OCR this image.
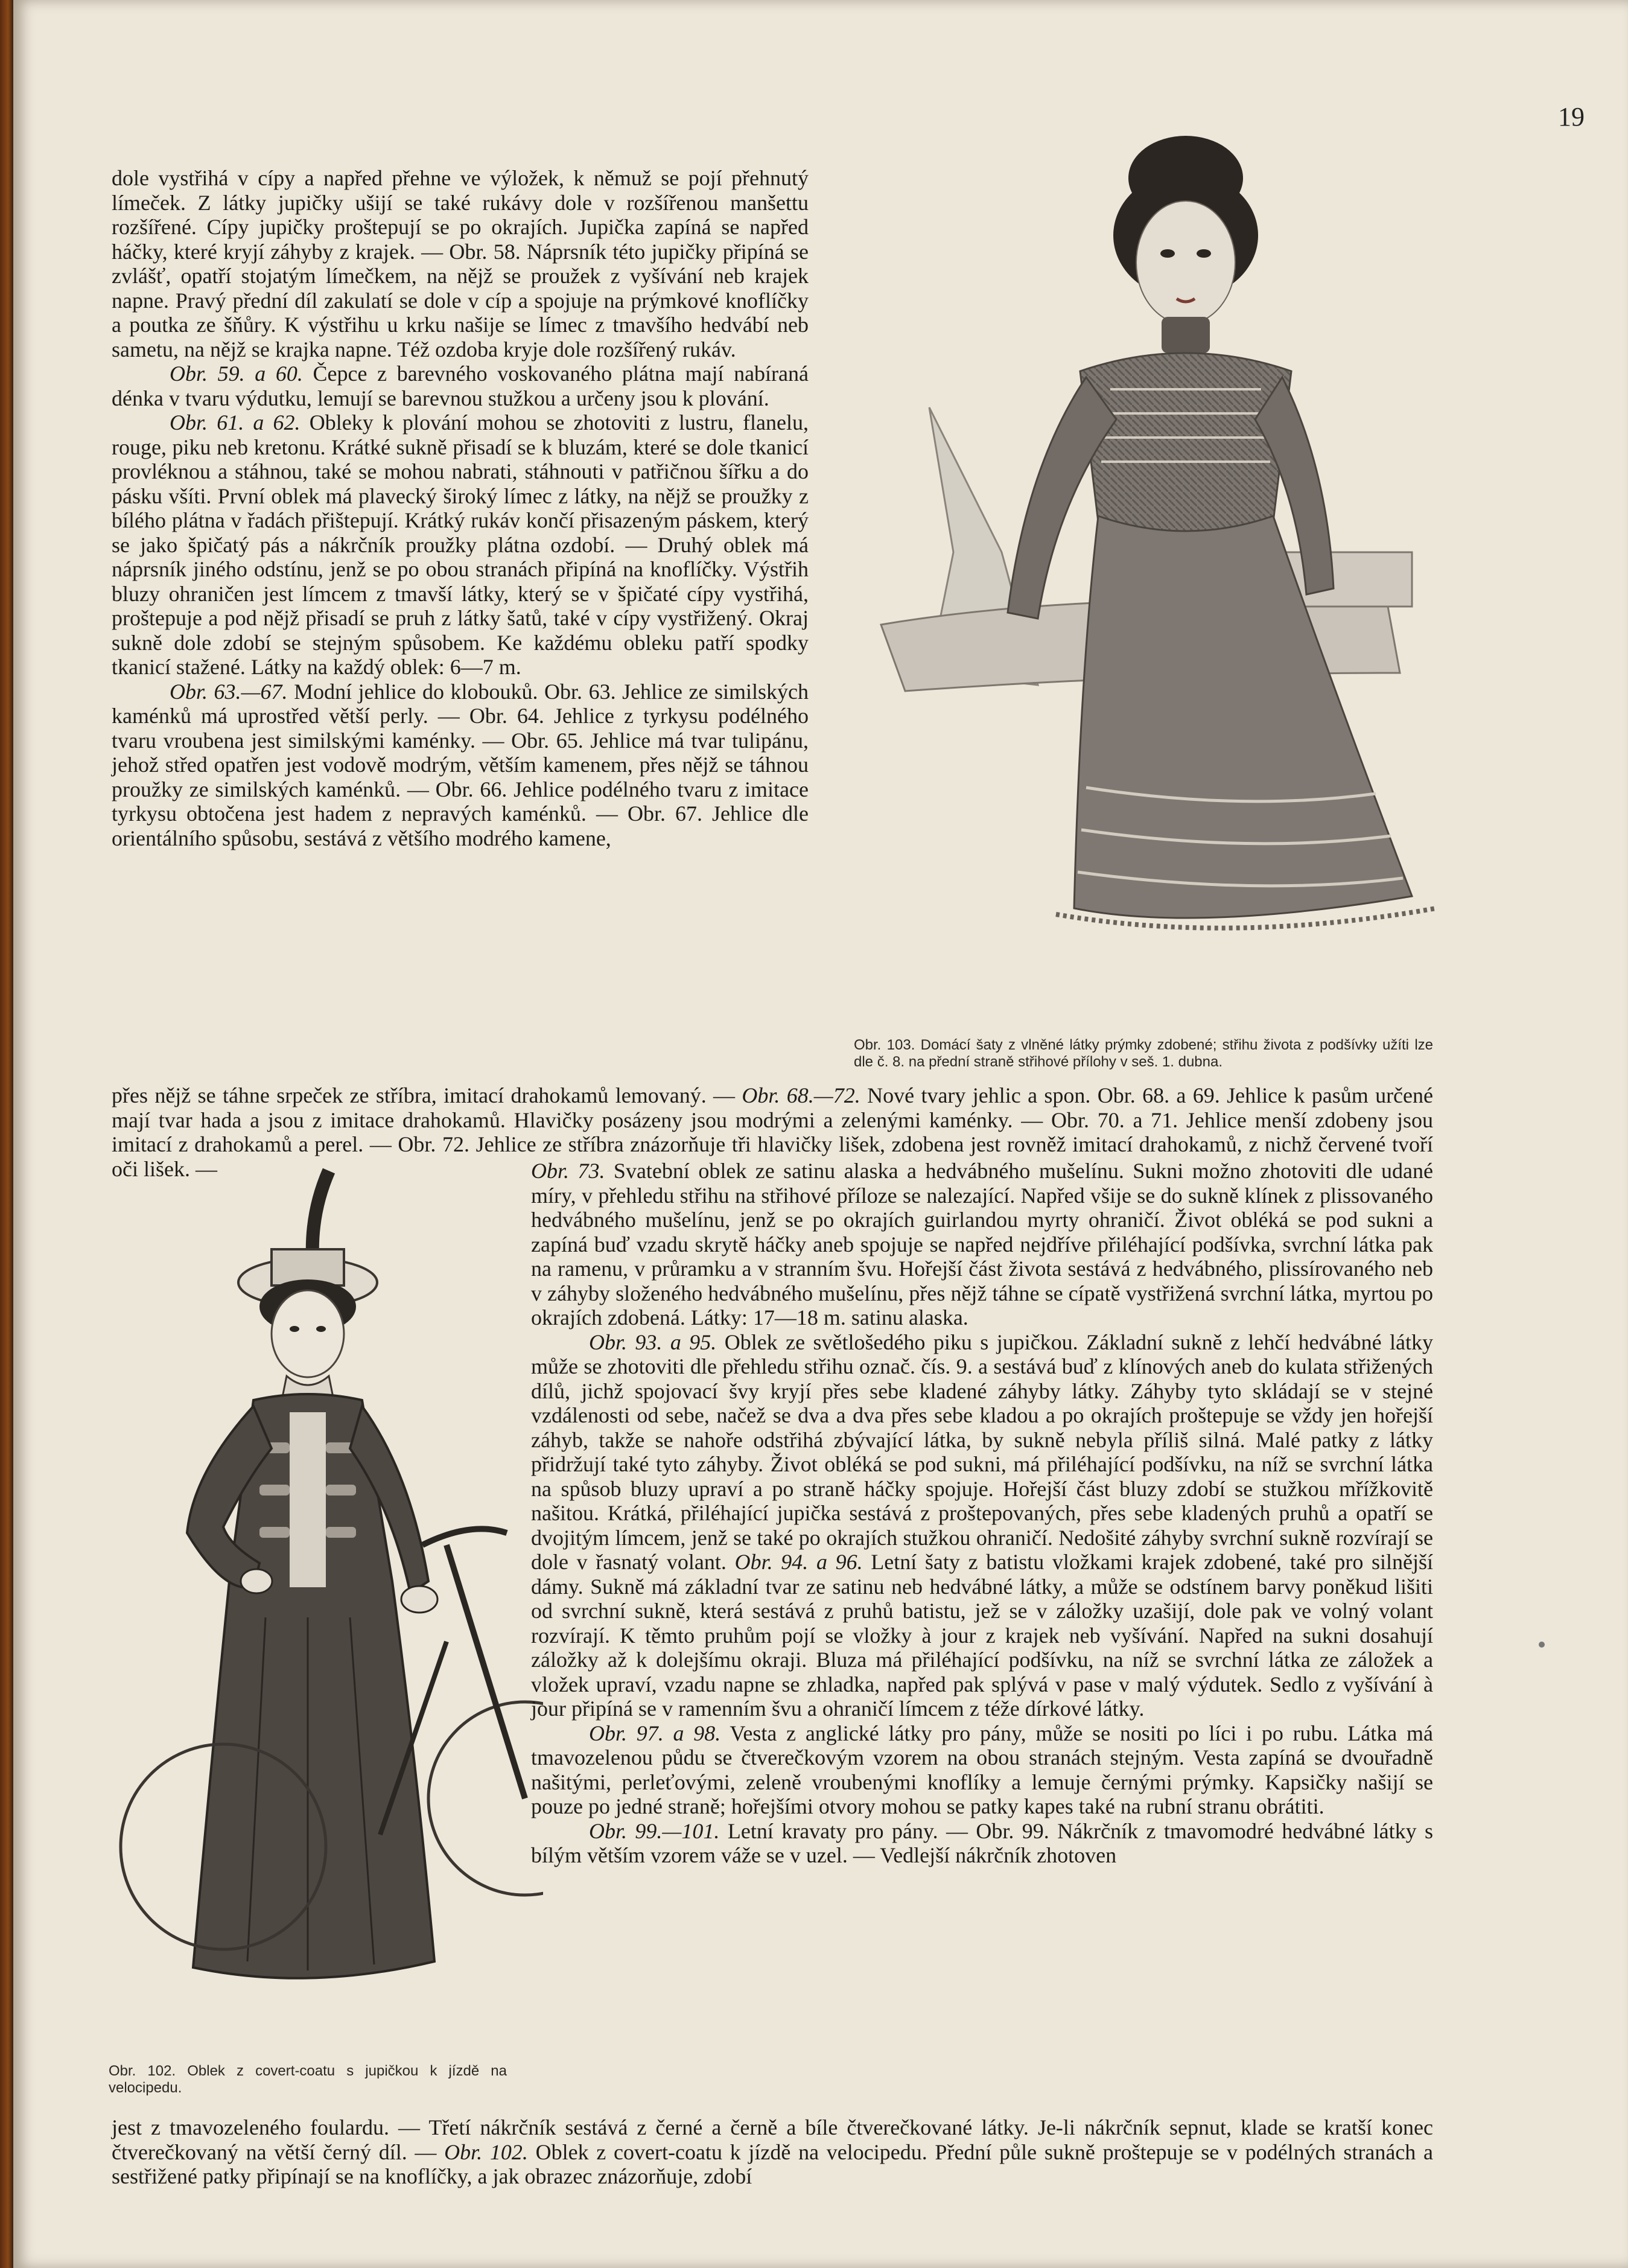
19

dole vystřihá v cípy a napřed přehne ve výložek, k němuž se pojí přehnutý límeček. Z látky jupičky ušijí se také rukávy dole v rozšířenou manšettu rozšířené. Cípy jupičky proštepují se po okrajích. Jupička zapíná se napřed háčky, které kryjí záhyby z krajek. — Obr. 58. Náprsník této jupičky připíná se zvlášť, opatří stojatým límečkem, na nějž se proužek z vyšívání neb krajek napne. Pravý přední díl zakulatí se dole v cíp a spojuje na prýmkové knoflíčky a poutka ze šňůry. K výstřihu u krku našije se límec z tmavšího hedvábí neb sametu, na nějž se krajka napne. Též ozdoba kryje dole rozšířený rukáv.

Obr. 59. a 60. Čepce z barevného voskovaného plátna mají nabíraná dénka v tvaru výdutku, lemují se barevnou stužkou a určeny jsou k plování.

Obr. 61. a 62. Obleky k plování mohou se zhotoviti z lustru, flanelu, rouge, piku neb kretonu. Krátké sukně přisadí se k bluzám, které se dole tkanicí provléknou a stáhnou, také se mohou nabrati, stáhnouti v patřičnou šířku a do pásku všíti. První oblek má plavecký široký límec z látky, na nějž se proužky z bílého plátna v řadách přištepují. Krátký rukáv končí přisazeným páskem, který se jako špičatý pás a nákrčník proužky plátna ozdobí. — Druhý oblek má náprsník jiného odstínu, jenž se po obou stranách připíná na knoflíčky. Výstřih bluzy ohraničen jest límcem z tmavší látky, který se v špičaté cípy vystřihá, proštepuje a pod nějž přisadí se pruh z látky šatů, také v cípy vystřižený. Okraj sukně dole zdobí se stejným spůsobem. Ke každému obleku patří spodky tkanicí stažené. Látky na každý oblek: 6—7 m.

Obr. 63.—67. Modní jehlice do klobouků. Obr. 63. Jehlice ze similských kaménků má uprostřed větší perly. — Obr. 64. Jehlice z tyrkysu podélného tvaru vroubena jest similskými kaménky. — Obr. 65. Jehlice má tvar tulipánu, jehož střed opatřen jest vodově modrým, větším kamenem, přes nějž se táhnou proužky ze similských kaménků. — Obr. 66. Jehlice podélného tvaru z imitace tyrkysu obtočena jest hadem z nepravých kaménků. — Obr. 67. Jehlice dle orientálního spůsobu, sestává z většího modrého kamene,

Obr. 103. Domácí šaty z vlněné látky prýmky zdobené; střihu života z podšívky užíti lze dle č. 8. na přední straně střihové přílohy v seš. 1. dubna.

přes nějž se táhne srpeček ze stříbra, imitací drahokamů lemovaný. — Obr. 68.—72. Nové tvary jehlic a spon. Obr. 68. a 69. Jehlice k pasům určené mají tvar hada a jsou z imitace drahokamů. Hlavičky posázeny jsou modrými a zelenými kaménky. — Obr. 70. a 71. Jehlice menší zdobeny jsou imitací z drahokamů a perel. — Obr. 72. Jehlice ze stříbra znázorňuje tři hlavičky lišek, zdobena jest rovněž imitací drahokamů, z nichž červené tvoří oči lišek. —	Obr. 73. Svatební oblek ze satinu alaska a hedvábného mušelínu. Sukni možno zhotoviti dle udané míry, v přehledu střihu na střihové příloze se nalezající. Napřed všije se do sukně klínek z plissovaného hedvábného mušelínu, jenž se po okrajích guirlandou myrty ohraničí. Život obléká se pod sukni a zapíná buď vzadu skrytě háčky aneb spojuje se napřed nejdříve přiléhající podšívka, svrchní látka pak na ramenu, v průramku a v stranním švu. Hořejší část života sestává z hedvábného, plissírovaného neb v záhyby složeného hedvábného mušelínu, přes nějž táhne se cípatě vystřižená svrchní látka, myrtou po okrajích zdobená. Látky: 17—18 m. satinu alaska.

Obr. 93. a 95. Oblek ze světlošedého piku s jupičkou. Základní sukně z lehčí hedvábné látky může se zhotoviti dle přehledu střihu označ. čís. 9. a sestává buď z klínových aneb do kulata střižených dílů, jichž spojovací švy kryjí přes sebe kladené záhyby látky. Záhyby tyto skládají se v stejné vzdálenosti od sebe, načež se dva a dva přes sebe kladou a po okrajích proštepuje se vždy jen hořejší záhyb, takže se nahoře odstřihá zbývající látka, by sukně nebyla příliš silná. Malé patky z látky přidržují také tyto záhyby. Život obléká se pod sukni, má přiléhající podšívku, na níž se svrchní látka na spůsob bluzy upraví a po straně háčky spojuje. Hořejší část bluzy zdobí se stužkou mřížkovitě našitou. Krátká, přiléhající jupička sestává z proštepovaných, přes sebe kladených pruhů a opatří se dvojitým límcem, jenž se také po okrajích stužkou ohraničí. Nedošité záhyby svrchní sukně rozvírají se dole v řasnatý volant. Obr. 94. a 96. Letní šaty z batistu vložkami krajek zdobené, také pro silnější dámy. Sukně má základní tvar ze satinu neb hedvábné látky, a může se odstínem barvy poněkud lišiti od svrchní sukně, která sestává z pruhů batistu, jež se v záložky uzašijí, dole pak ve volný volant rozvírají. K těmto pruhům pojí se vložky à jour z krajek neb vyšívání. Napřed na sukni dosahují záložky až k dolejšímu okraji. Bluza má přiléhající podšívku, na níž se svrchní látka ze záložek a vložek upraví, vzadu napne se zhladka, napřed pak splývá v pase v malý výdutek. Sedlo z vyšívání à jour připíná se v ramenním švu a ohraničí límcem z téže dírkové látky.

Obr. 97. a 98. Vesta z anglické látky pro pány, může se nositi po líci i po rubu. Látka má tmavozelenou půdu se čtverečkovým vzorem na obou stranách stejným. Vesta zapíná se dvouřadně našitými, perleťovými, zeleně vroubenými knoflíky a lemuje černými prýmky. Kapsičky našijí se pouze po jedné straně; hořejšími otvory mohou se patky kapes také na rubní stranu obrátiti.

Obr. 99.—101. Letní kravaty pro pány. — Obr. 99. Nákrčník z tmavomodré hedvábné látky s bílým větším vzorem váže se v uzel. — Vedlejší nákrčník zhotoven

Obr. 102. Oblek z covert-coatu s jupičkou k jízdě na velocipedu.

jest z tmavozeleného foulardu. — Třetí nákrčník sestává z černé a černě a bíle čtverečkované látky. Je-li nákrčník sepnut, klade se kratší konec čtverečkovaný na větší černý díl. — Obr. 102. Oblek z covert-coatu k jízdě na velocipedu. Přední půle sukně proštepuje se v podélných stranách a sestřižené patky připínají se na knoflíčky, a jak obrazec znázorňuje, zdobí
